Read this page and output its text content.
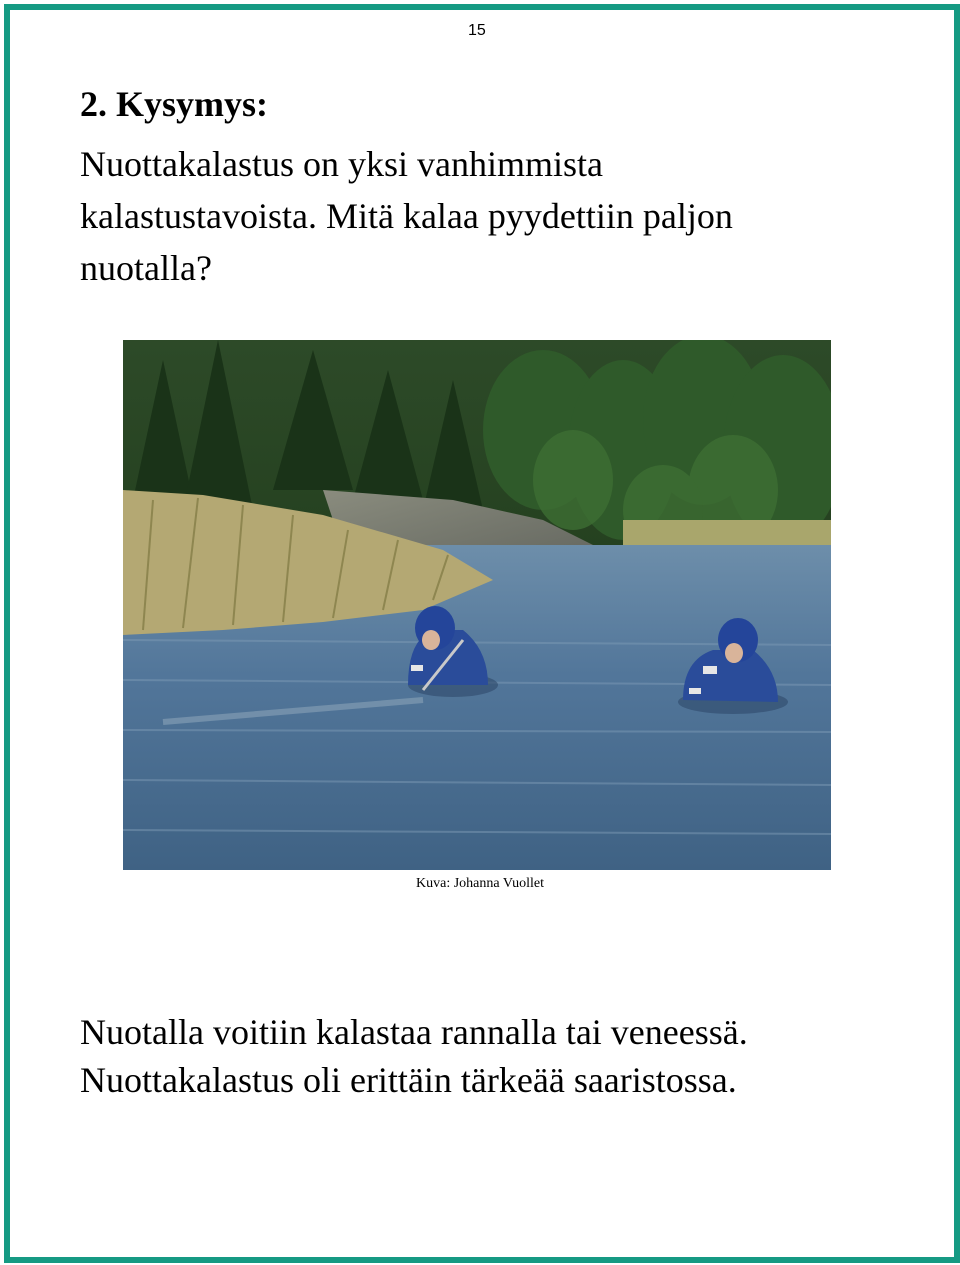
15
2. Kysymys:
Nuottakalastus on yksi vanhimmista
kalastustavoista. Mitä kalaa pyydettiin paljon
nuotalla?
Kuva: Johanna Vuollet
Nuotalla voitiin kalastaa rannalla tai veneessä.
Nuottakalastus oli erittäin tärkeää saaristossa.
